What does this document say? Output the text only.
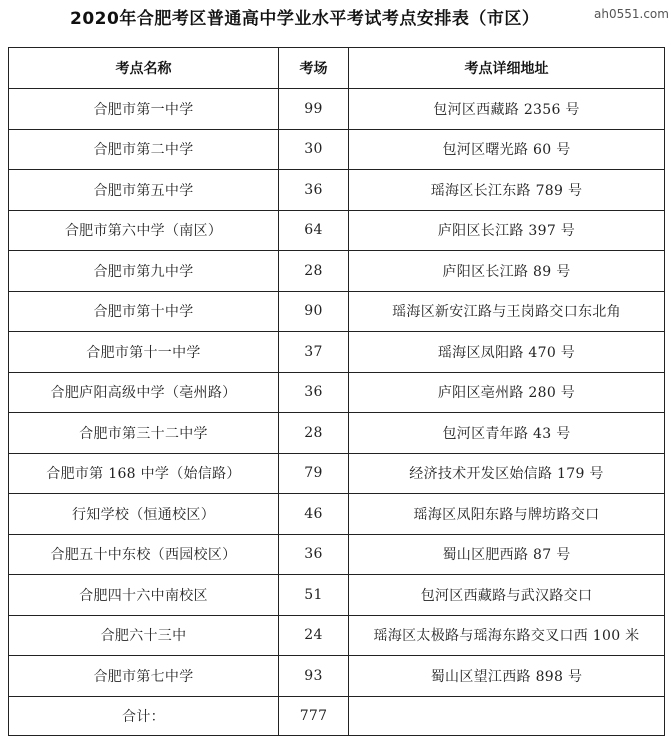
2020年合肥考区普通高中学业水平考试考点安排表（市区）	ah0551.com
考点名称	考场	考点详细地址
合肥市第一中学	99	包河区西藏路 2356 号
合肥市第二中学	30	包河区曙光路 60 号
合肥市第五中学	36	瑶海区长江东路 789 号
合肥市第六中学（南区）	64	庐阳区长江路 397 号
合肥市第九中学	28	庐阳区长江路 89 号
合肥市第十中学	90	瑶海区新安江路与王岗路交口东北角
合肥市第十一中学	37	瑶海区凤阳路 470 号
合肥庐阳高级中学（亳州路）	36	庐阳区亳州路 280 号
合肥市第三十二中学	28	包河区青年路 43 号
合肥市第 168 中学（始信路）	79	经济技术开发区始信路 179 号
行知学校（恒通校区）	46	瑶海区凤阳东路与牌坊路交口
合肥五十中东校（西园校区）	36	蜀山区肥西路 87 号
合肥四十六中南校区	51	包河区西藏路与武汉路交口
合肥六十三中	24	瑶海区太极路与瑶海东路交叉口西 100 米
合肥市第七中学	93	蜀山区望江西路 898 号
合计：	777	
